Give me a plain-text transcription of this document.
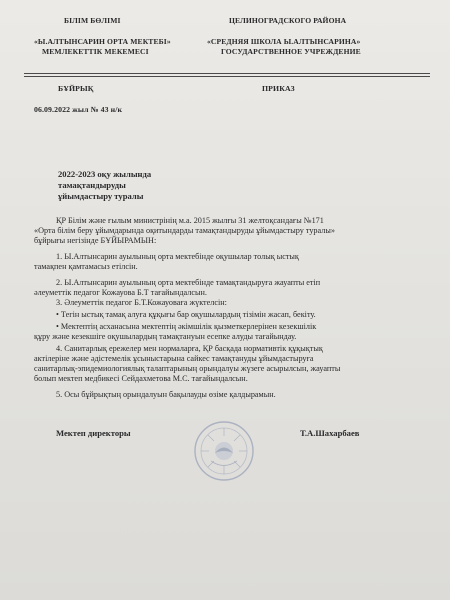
БІЛІМ БӨЛІМІ
«Ы.АЛТЫНСАРИН ОРТА МЕКТЕБІ»
МЕМЛЕКЕТТІК МЕКЕМЕСІ
ЦЕЛИНОГРАДСКОГО РАЙОНА
«СРЕДНЯЯ ШКОЛА Ы.АЛТЫНСАРИНА»
ГОСУДАРСТВЕННОЕ УЧРЕЖДЕНИЕ
БҰЙРЫҚ	ПРИКАЗ
06.09.2022 жыл № 43 н/к
2022-2023 оқу жылында
тамақтандыруды
ұйымдастыру туралы
ҚР Білім және ғылым министрінің м.а. 2015 жылғы 31 желтоқсандағы №171
«Орта білім беру ұйымдарында оқитындарды тамақтандыруды ұйымдастыру туралы»
бұйрығы негізінде БҰЙЫРАМЫН:
1. Ы.Алтынсарин ауылының орта мектебінде оқушылар толық ыстық
тамақпен қамтамасыз етілсін.
2. Ы.Алтынсарин ауылының орта мектебінде тамақтандыруға жауапты етіп
әлеуметтік педагог Кожауова Б.Т тағайындалсын.
3. Әлеуметтік педагог Б.Т.Кожауоваға жүктелсін:
• Тегін ыстық тамақ алуға құқығы бар оқушылардың тізімін жасап, бекіту.
• Мектептің асханасына мектептің әкімшілік қызметкерлерінен кезекшілік
құру және кезекшіге оқушылардың тамақтануын есепке алуды тағайындау.
4. Санитарлық ережелер мен нормаларға, ҚР басқада нормативтік құқықтық
актілеріне және әдістемелік ұсыныстарына сайкес тамақтануды ұйымдастыруға
санитарлық-эпидемиологиялық талаптарының орындалуы жүзеге асырылсын, жауапты
болып мектеп медбикесі Сейдахметова М.С. тағайындалсын.
5. Осы бұйрықтың орындалуын бақылауды өзіме қалдырамын.
Мектеп директоры	Т.А.Шахарбаев
